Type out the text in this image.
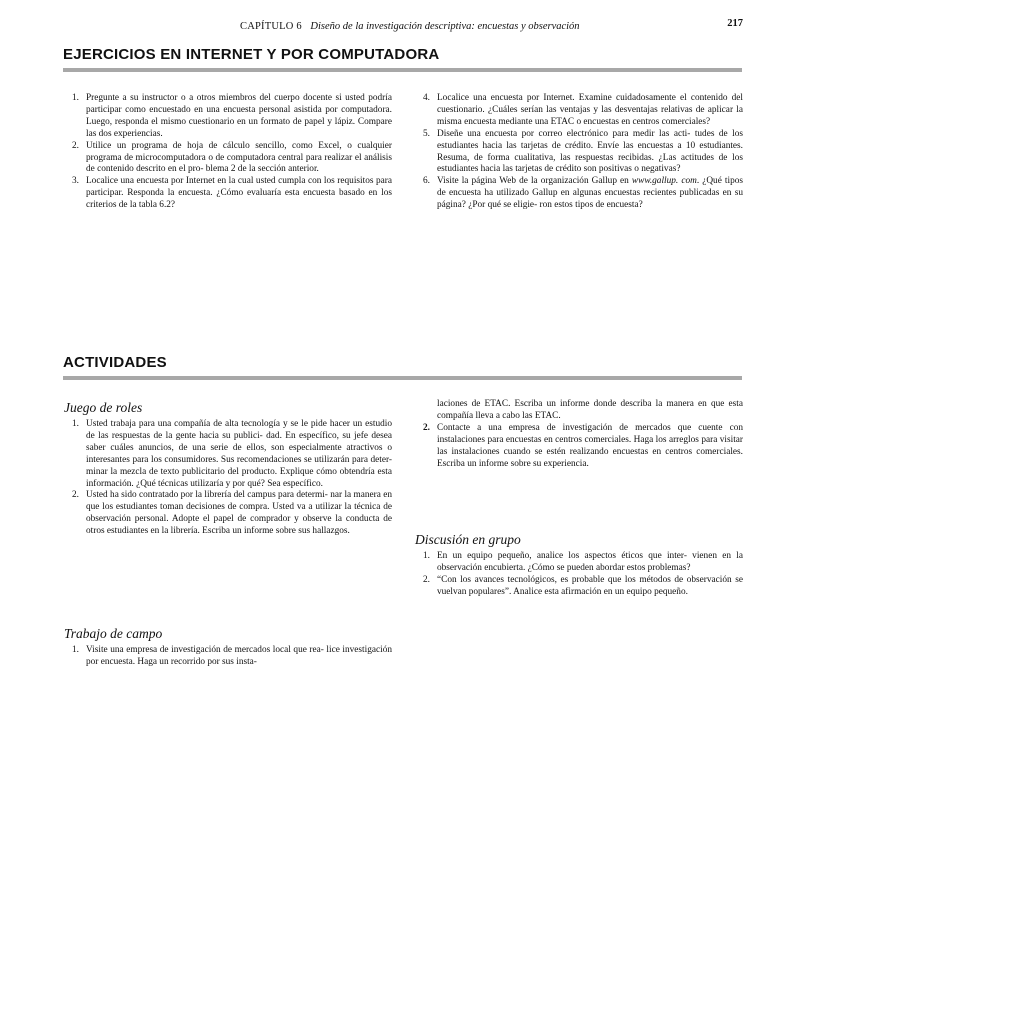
CAPÍTULO 6 Diseño de la investigación descriptiva: encuestas y observación	217
EJERCICIOS EN INTERNET Y POR COMPUTADORA
1. Pregunte a su instructor o a otros miembros del cuerpo docente si usted podría participar como encuestado en una encuesta personal asistida por computadora. Luego, responda el mismo cuestionario en un formato de papel y lápiz. Compare las dos experiencias.
2. Utilice un programa de hoja de cálculo sencillo, como Excel, o cualquier programa de microcomputadora o de computadora central para realizar el análisis de contenido descrito en el pro- blema 2 de la sección anterior.
3. Localice una encuesta por Internet en la cual usted cumpla con los requisitos para participar. Responda la encuesta. ¿Cómo evaluaría esta encuesta basado en los criterios de la tabla 6.2?
4. Localice una encuesta por Internet. Examine cuidadosamente el contenido del cuestionario. ¿Cuáles serían las ventajas y las desventajas relativas de aplicar la misma encuesta mediante una ETAC o encuestas en centros comerciales?
5. Diseñe una encuesta por correo electrónico para medir las acti- tudes de los estudiantes hacia las tarjetas de crédito. Envíe las encuestas a 10 estudiantes. Resuma, de forma cualitativa, las respuestas recibidas. ¿Las actitudes de los estudiantes hacia las tarjetas de crédito son positivas o negativas?
6. Visite la página Web de la organización Gallup en www.gallup. com. ¿Qué tipos de encuesta ha utilizado Gallup en algunas encuestas recientes publicadas en su página? ¿Por qué se eligie- ron estos tipos de encuesta?
ACTIVIDADES
Juego de roles
1. Usted trabaja para una compañía de alta tecnología y se le pide hacer un estudio de las respuestas de la gente hacia su publici- dad. En específico, su jefe desea saber cuáles anuncios, de una serie de ellos, son especialmente atractivos o interesantes para los consumidores. Sus recomendaciones se utilizarán para deter- minar la mezcla de texto publicitario del producto. Explique cómo obtendría esta información. ¿Qué técnicas utilizaría y por qué? Sea específico.
2. Usted ha sido contratado por la librería del campus para determi- nar la manera en que los estudiantes toman decisiones de compra. Usted va a utilizar la técnica de observación personal. Adopte el papel de comprador y observe la conducta de otros estudiantes en la librería. Escriba un informe sobre sus hallazgos.
Trabajo de campo
1. Visite una empresa de investigación de mercados local que rea- lice investigación por encuesta. Haga un recorrido por sus insta-

laciones de ETAC. Escriba un informe donde describa la manera en que esta compañía lleva a cabo las ETAC.

2. Contacte a una empresa de investigación de mercados que cuente con instalaciones para encuestas en centros comerciales. Haga los arreglos para visitar las instalaciones cuando se estén realizando encuestas en centros comerciales. Escriba un informe sobre su experiencia.
Discusión en grupo
1. En un equipo pequeño, analice los aspectos éticos que inter- vienen en la observación encubierta. ¿Cómo se pueden abordar estos problemas?
2. “Con los avances tecnológicos, es probable que los métodos de observación se vuelvan populares”. Analice esta afirmación en un equipo pequeño.
